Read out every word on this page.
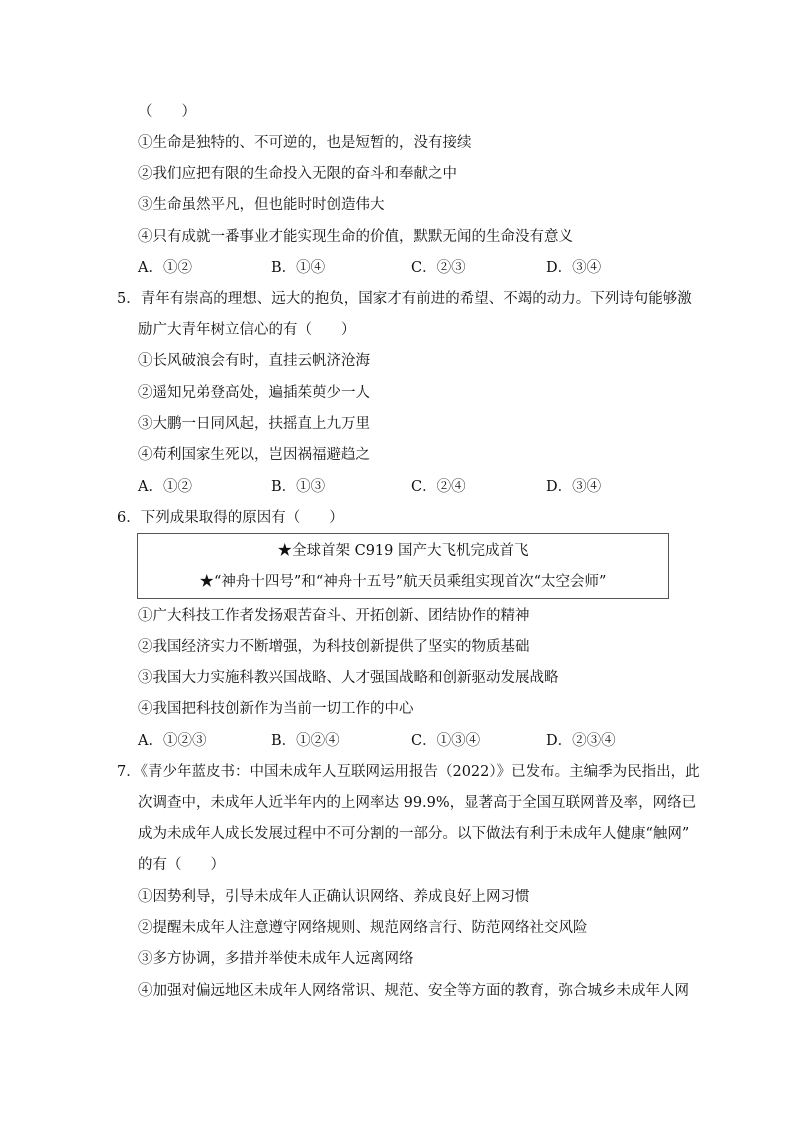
（　　）
①生命是独特的、不可逆的，也是短暂的，没有接续
②我们应把有限的生命投入无限的奋斗和奉献之中
③生命虽然平凡，但也能时时创造伟大
④只有成就一番事业才能实现生命的价值，默默无闻的生命没有意义
A．①②	B．①④	C．②③	D．③④
5．青年有崇高的理想、远大的抱负，国家才有前进的希望、不竭的动力。下列诗句能够激
励广大青年树立信心的有（　　）
①长风破浪会有时，直挂云帆济沧海
②遥知兄弟登高处，遍插茱萸少一人
③大鹏一日同风起，扶摇直上九万里
④苟利国家生死以，岂因祸福避趋之
A．①②	B．①③	C．②④	D．③④
6．下列成果取得的原因有（　　）
★全球首架 C919 国产大飞机完成首飞
★“神舟十四号”和“神舟十五号”航天员乘组实现首次“太空会师”
①广大科技工作者发扬艰苦奋斗、开拓创新、团结协作的精神
②我国经济实力不断增强，为科技创新提供了坚实的物质基础
③我国大力实施科教兴国战略、人才强国战略和创新驱动发展战略
④我国把科技创新作为当前一切工作的中心
A．①②③	B．①②④	C．①③④	D．②③④
7．《青少年蓝皮书：中国未成年人互联网运用报告（2022）》已发布。主编季为民指出，此
次调查中，未成年人近半年内的上网率达 99.9%，显著高于全国互联网普及率，网络已
成为未成年人成长发展过程中不可分割的一部分。以下做法有利于未成年人健康“触网”
的有（　　）
①因势利导，引导未成年人正确认识网络、养成良好上网习惯
②提醒未成年人注意遵守网络规则、规范网络言行、防范网络社交风险
③多方协调，多措并举使未成年人远离网络
④加强对偏远地区未成年人网络常识、规范、安全等方面的教育，弥合城乡未成年人网
